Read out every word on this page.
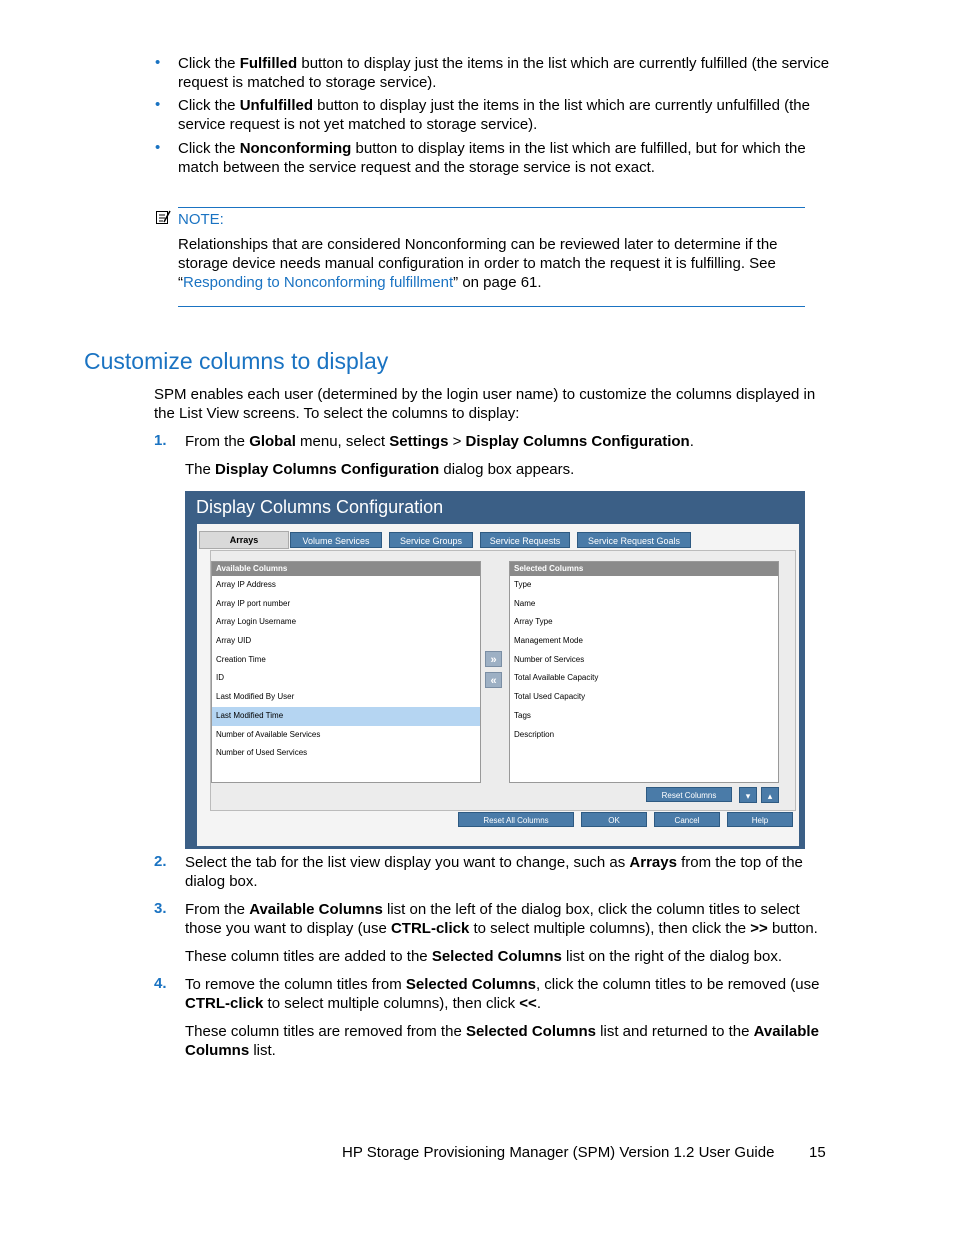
• Click the Fulfilled button to display just the items in the list which are currently fulfilled (the service request is matched to storage service).
• Click the Unfulfilled button to display just the items in the list which are currently unfulfilled (the service request is not yet matched to storage service).
• Click the Nonconforming button to display items in the list which are fulfilled, but for which the match between the service request and the storage service is not exact.
NOTE:
Relationships that are considered Nonconforming can be reviewed later to determine if the storage device needs manual configuration in order to match the request it is fulfilling. See “Responding to Nonconforming fulfillment” on page 61.
Customize columns to display
SPM enables each user (determined by the login user name) to customize the columns displayed in the List View screens. To select the columns to display:
1. From the Global menu, select Settings > Display Columns Configuration.
The Display Columns Configuration dialog box appears.
Display Columns Configuration
Arrays	Volume Services	Service Groups	Service Requests	Service Request Goals
Available Columns
Array IP Address
Array IP port number
Array Login Username
Array UID
Creation Time
ID
Last Modified By User
Last Modified Time
Number of Available Services
Number of Used Services
»
«
Selected Columns
Type
Name
Array Type
Management Mode
Number of Services
Total Available Capacity
Total Used Capacity
Tags
Description
Reset Columns	▾	▴
Reset All Columns	OK	Cancel	Help
2. Select the tab for the list view display you want to change, such as Arrays from the top of the dialog box.
3. From the Available Columns list on the left of the dialog box, click the column titles to select those you want to display (use CTRL-click to select multiple columns), then click the >> button.
These column titles are added to the Selected Columns list on the right of the dialog box.
4. To remove the column titles from Selected Columns, click the column titles to be removed (use CTRL-click to select multiple columns), then click <<.
These column titles are removed from the Selected Columns list and returned to the Available Columns list.
HP Storage Provisioning Manager (SPM) Version 1.2 User Guide 15
